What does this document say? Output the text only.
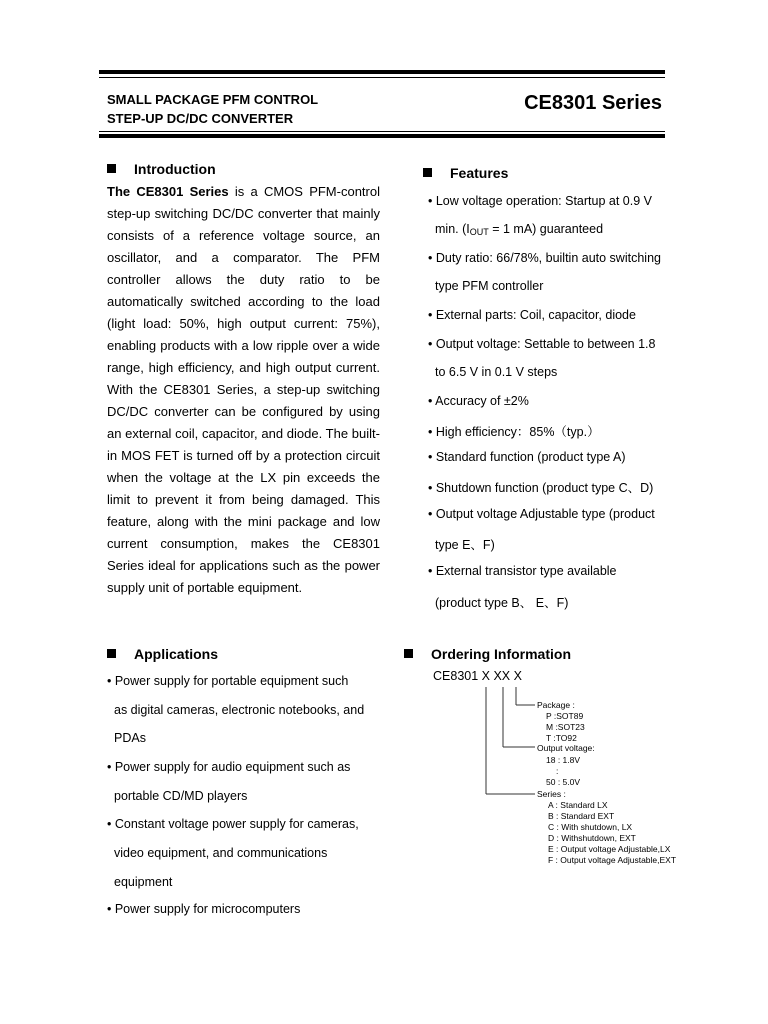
SMALL PACKAGE PFM CONTROL
STEP-UP DC/DC CONVERTER
CE8301 Series
Introduction
The CE8301 Series is a CMOS PFM-control step-up switching DC/DC converter that mainly consists of a reference voltage source, an oscillator, and a comparator. The PFM controller allows the duty ratio to be automatically switched according to the load (light load: 50%, high output current: 75%), enabling products with a low ripple over a wide range, high efficiency, and high output current. With the CE8301 Series, a step-up switching DC/DC converter can be configured by using an external coil, capacitor, and diode. The built-in MOS FET is turned off by a protection circuit when the voltage at the LX pin exceeds the limit to prevent it from being damaged. This feature, along with the mini package and low current consumption, makes the CE8301 Series ideal for applications such as the power supply unit of portable equipment.
Features
• Low voltage operation: Startup at 0.9 V
min. ($I_{OUT} = 1$ mA) guaranteed
• Duty ratio: 66/78%, builtin auto switching
type PFM controller
• External parts: Coil, capacitor, diode
• Output voltage: Settable to between 1.8
to 6.5 V in 0.1 V steps
• Accuracy of ±2%
• High efficiency：85%（typ.）
• Standard function (product type A)
• Shutdown function (product type C、D)
• Output voltage Adjustable type (product
type E、F)
• External transistor type available
(product type B、 E、F)
Applications
• Power supply for portable equipment such
as digital cameras, electronic notebooks, and
PDAs
• Power supply for audio equipment such as
portable CD/MD players
• Constant voltage power supply for cameras,
video equipment, and communications
equipment
• Power supply for microcomputers
Ordering Information
CE8301 X XX X
Package :
P :SOT89
M :SOT23
T :TO92
Output voltage:
18 : 1.8V
:
50 : 5.0V
Series :
A : Standard LX
B : Standard EXT
C : With shutdown, LX
D : Withshutdown, EXT
E : Output voltage Adjustable,LX
F : Output voltage Adjustable,EXT
